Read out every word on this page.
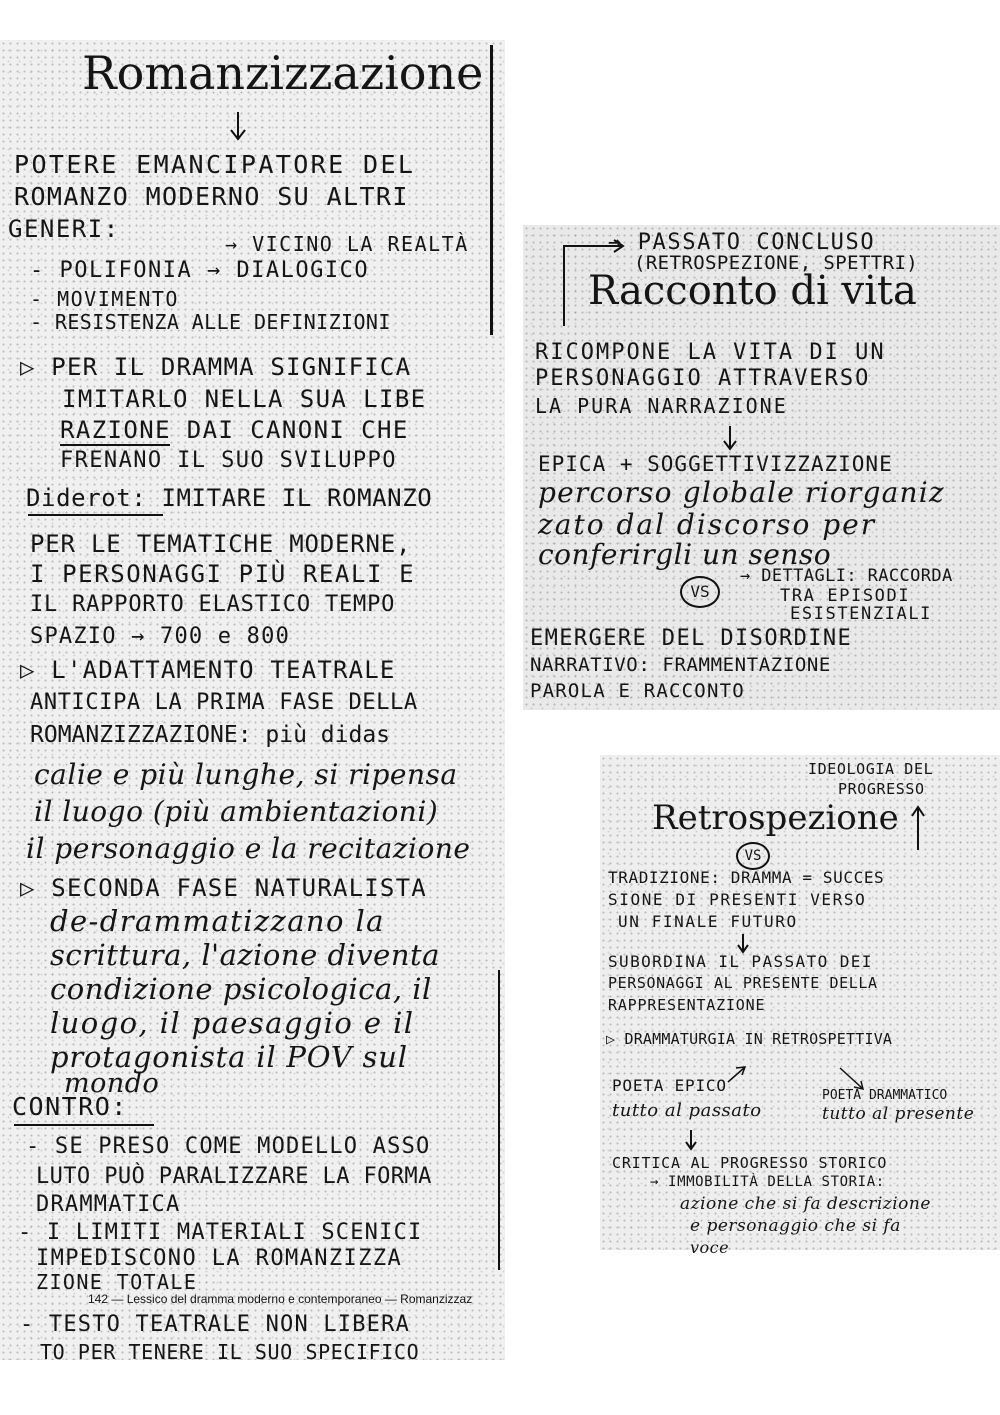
Romanzizzazione

POTERE EMANCIPATORE DEL

ROMANZO MODERNO SU ALTRI

GENERI:

→ VICINO LA REALTÀ

- POLIFONIA → DIALOGICO

- MOVIMENTO

- RESISTENZA ALLE DEFINIZIONI

▷ PER IL DRAMMA SIGNIFICA

IMITARLO NELLA SUA LIBE

RAZIONE DAI CANONI CHE

FRENANO IL SUO SVILUPPO

Diderot: IMITARE IL ROMANZO

PER LE TEMATICHE MODERNE,

I PERSONAGGI PIÙ REALI E

IL RAPPORTO ELASTICO TEMPO

SPAZIO → 700 e 800

▷ L'ADATTAMENTO TEATRALE

ANTICIPA LA PRIMA FASE DELLA

ROMANZIZZAZIONE: più didas

calie e più lunghe, si ripensa

il luogo (più ambientazioni)

il personaggio e la recitazione

▷ SECONDA FASE NATURALISTA

de-drammatizzano la

scrittura, l'azione diventa

condizione psicologica, il

luogo, il paesaggio e il

protagonista il POV sul

mondo

CONTRO:

- SE PRESO COME MODELLO ASSO

LUTO PUÒ PARALIZZARE LA FORMA

DRAMMATICA

- I LIMITI MATERIALI SCENICI

IMPEDISCONO LA ROMANZIZZA

ZIONE TOTALE

- TESTO TEATRALE NON LIBERA

TO PER TENERE IL SUO SPECIFICO

142 — Lessico del dramma moderno e contemporaneo — Romanzizzaz

→ PASSATO CONCLUSO

(RETROSPEZIONE, SPETTRI)

Racconto di vita

RICOMPONE LA VITA DI UN

PERSONAGGIO ATTRAVERSO

LA PURA NARRAZIONE

EPICA + SOGGETTIVIZZAZIONE

percorso globale riorganiz

zato dal discorso per

conferirgli un senso

VS

→ DETTAGLI: RACCORDA

TRA EPISODI

ESISTENZIALI

EMERGERE DEL DISORDINE

NARRATIVO: FRAMMENTAZIONE

PAROLA E RACCONTO

IDEOLOGIA DEL

PROGRESSO

Retrospezione
VS

TRADIZIONE: DRAMMA = SUCCES

SIONE DI PRESENTI VERSO

UN FINALE FUTURO

SUBORDINA IL PASSATO DEI

PERSONAGGI AL PRESENTE DELLA

RAPPRESENTAZIONE

▷ DRAMMATURGIA IN RETROSPETTIVA

POETA EPICO

POETA DRAMMATICO

tutto al passato	tutto al presente

CRITICA AL PROGRESSO STORICO

→ IMMOBILITÀ DELLA STORIA:

azione che si fa descrizione

e personaggio che si fa

voce
